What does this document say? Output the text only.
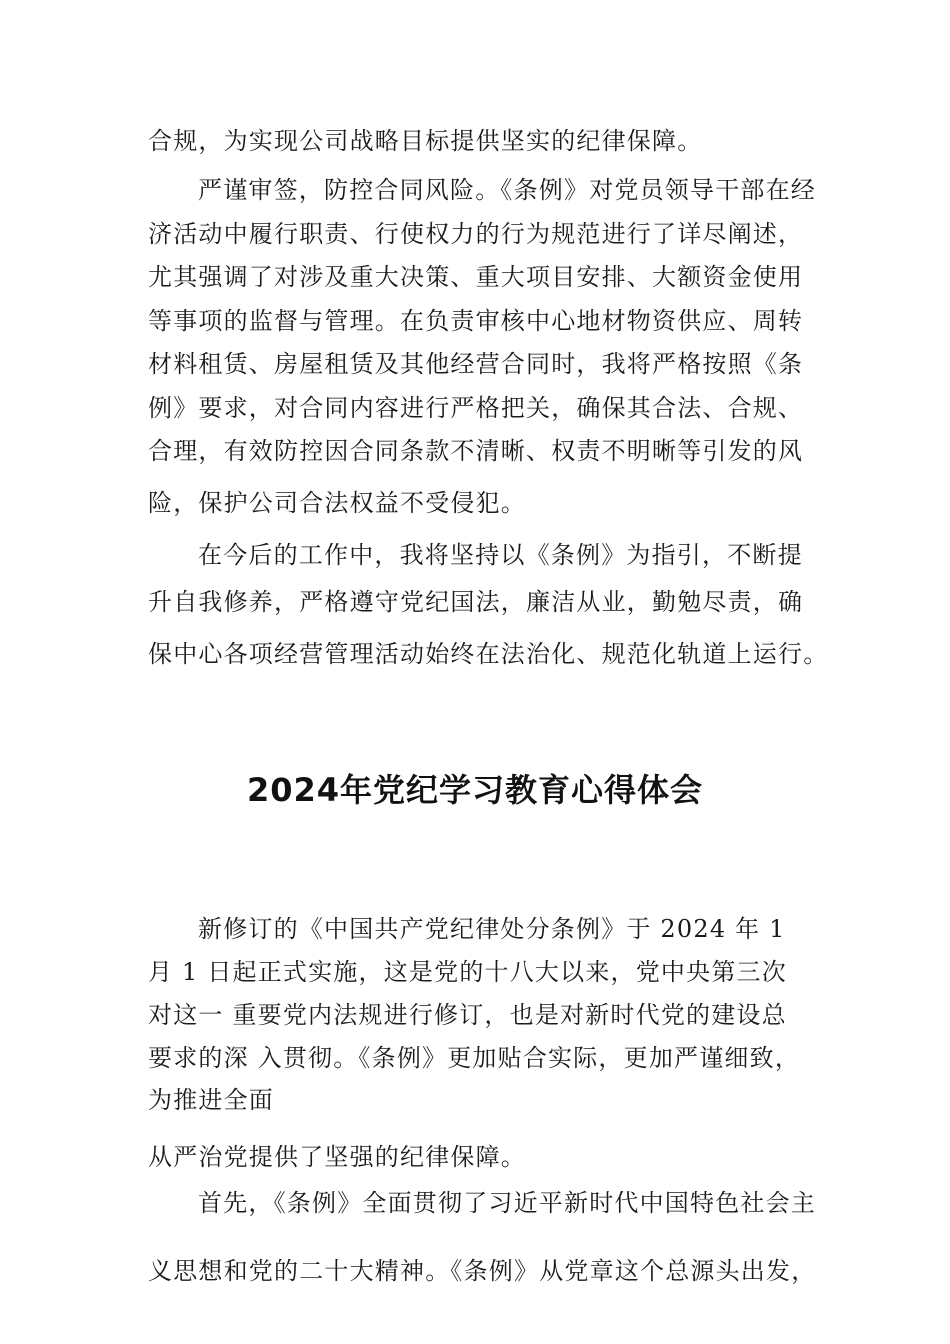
合规，为实现公司战略目标提供坚实的纪律保障。
严谨审签，防控合同风险。《条例》对党员领导干部在经
济活动中履行职责、行使权力的行为规范进行了详尽阐述，
尤其强调了对涉及重大决策、重大项目安排、大额资金使用
等事项的监督与管理。在负责审核中心地材物资供应、周转
材料租赁、房屋租赁及其他经营合同时，我将严格按照《条
例》要求，对合同内容进行严格把关，确保其合法、合规、
合理，有效防控因合同条款不清晰、权责不明晰等引发的风
险，保护公司合法权益不受侵犯。
在今后的工作中，我将坚持以《条例》为指引，不断提
升自我修养，严格遵守党纪国法，廉洁从业，勤勉尽责，确
保中心各项经营管理活动始终在法治化、规范化轨道上运行。
2024年党纪学习教育心得体会
新修订的《中国共产党纪律处分条例》于 2024 年 1
月 1 日起正式实施，这是党的十八大以来，党中央第三次
对这一 重要党内法规进行修订，也是对新时代党的建设总
要求的深 入贯彻。《条例》更加贴合实际，更加严谨细致，
为推进全面
从严治党提供了坚强的纪律保障。
首先，《条例》全面贯彻了习近平新时代中国特色社会主
义思想和党的二十大精神。《条例》从党章这个总源头出发，
